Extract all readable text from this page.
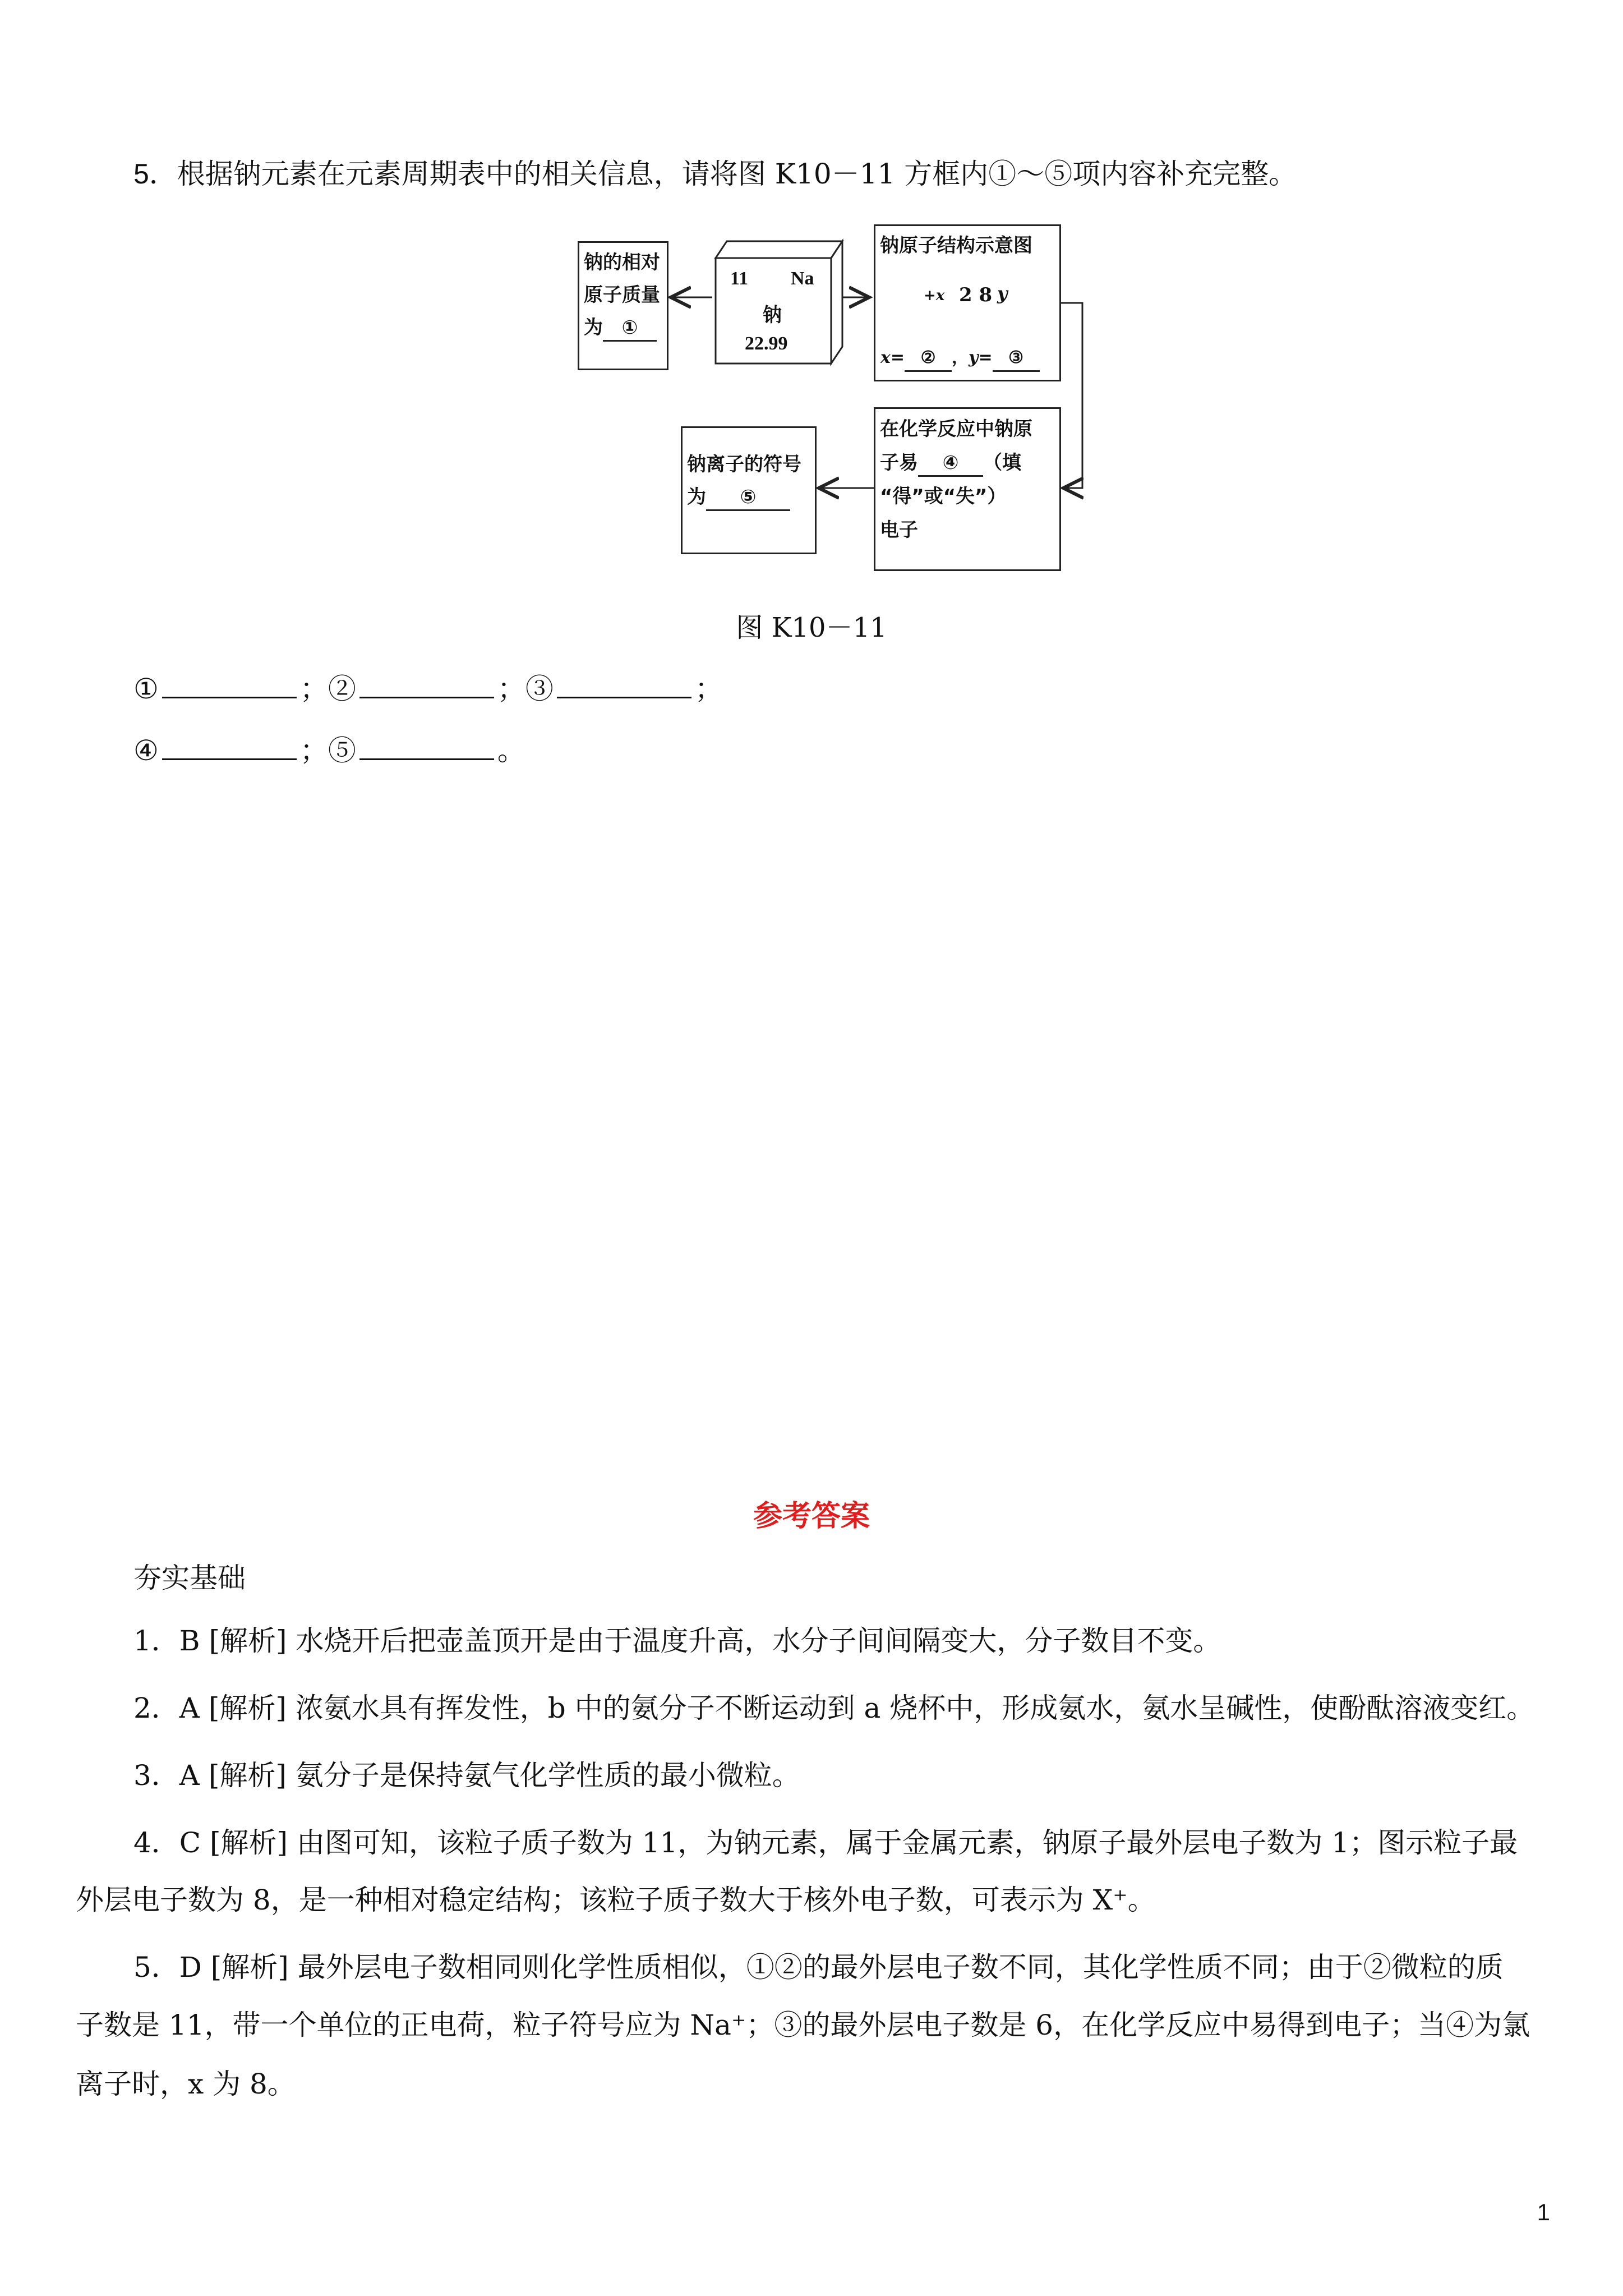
5．根据钠元素在元素周期表中的相关信息，请将图 K10－11 方框内①～⑤项内容补充完整。
钠的相对
原子质量
为 ①
11 Na
钠
22.99
钠原子结构示意图
+x 2 8 y
x= ② ，y= ③
在化学反应中钠原
子易 ④ （填
“得”或“失”）
电子
钠离子的符号
为 ⑤
图 K10－11
①	；②	；③	；
④	；⑤	。
参考答案
夯实基础
1．B [解析] 水烧开后把壶盖顶开是由于温度升高，水分子间间隔变大，分子数目不变。
2．A [解析] 浓氨水具有挥发性，b 中的氨分子不断运动到 a 烧杯中，形成氨水，氨水呈碱性，使酚酞溶液变红。
3．A [解析] 氨分子是保持氨气化学性质的最小微粒。
4．C [解析] 由图可知，该粒子质子数为 11，为钠元素，属于金属元素，钠原子最外层电子数为 1；图示粒子最
外层电子数为 8，是一种相对稳定结构；该粒子质子数大于核外电子数，可表示为 X⁺。
5．D [解析] 最外层电子数相同则化学性质相似，①②的最外层电子数不同，其化学性质不同；由于②微粒的质
子数是 11，带一个单位的正电荷，粒子符号应为 Na⁺；③的最外层电子数是 6，在化学反应中易得到电子；当④为氯
离子时，x 为 8。
1
